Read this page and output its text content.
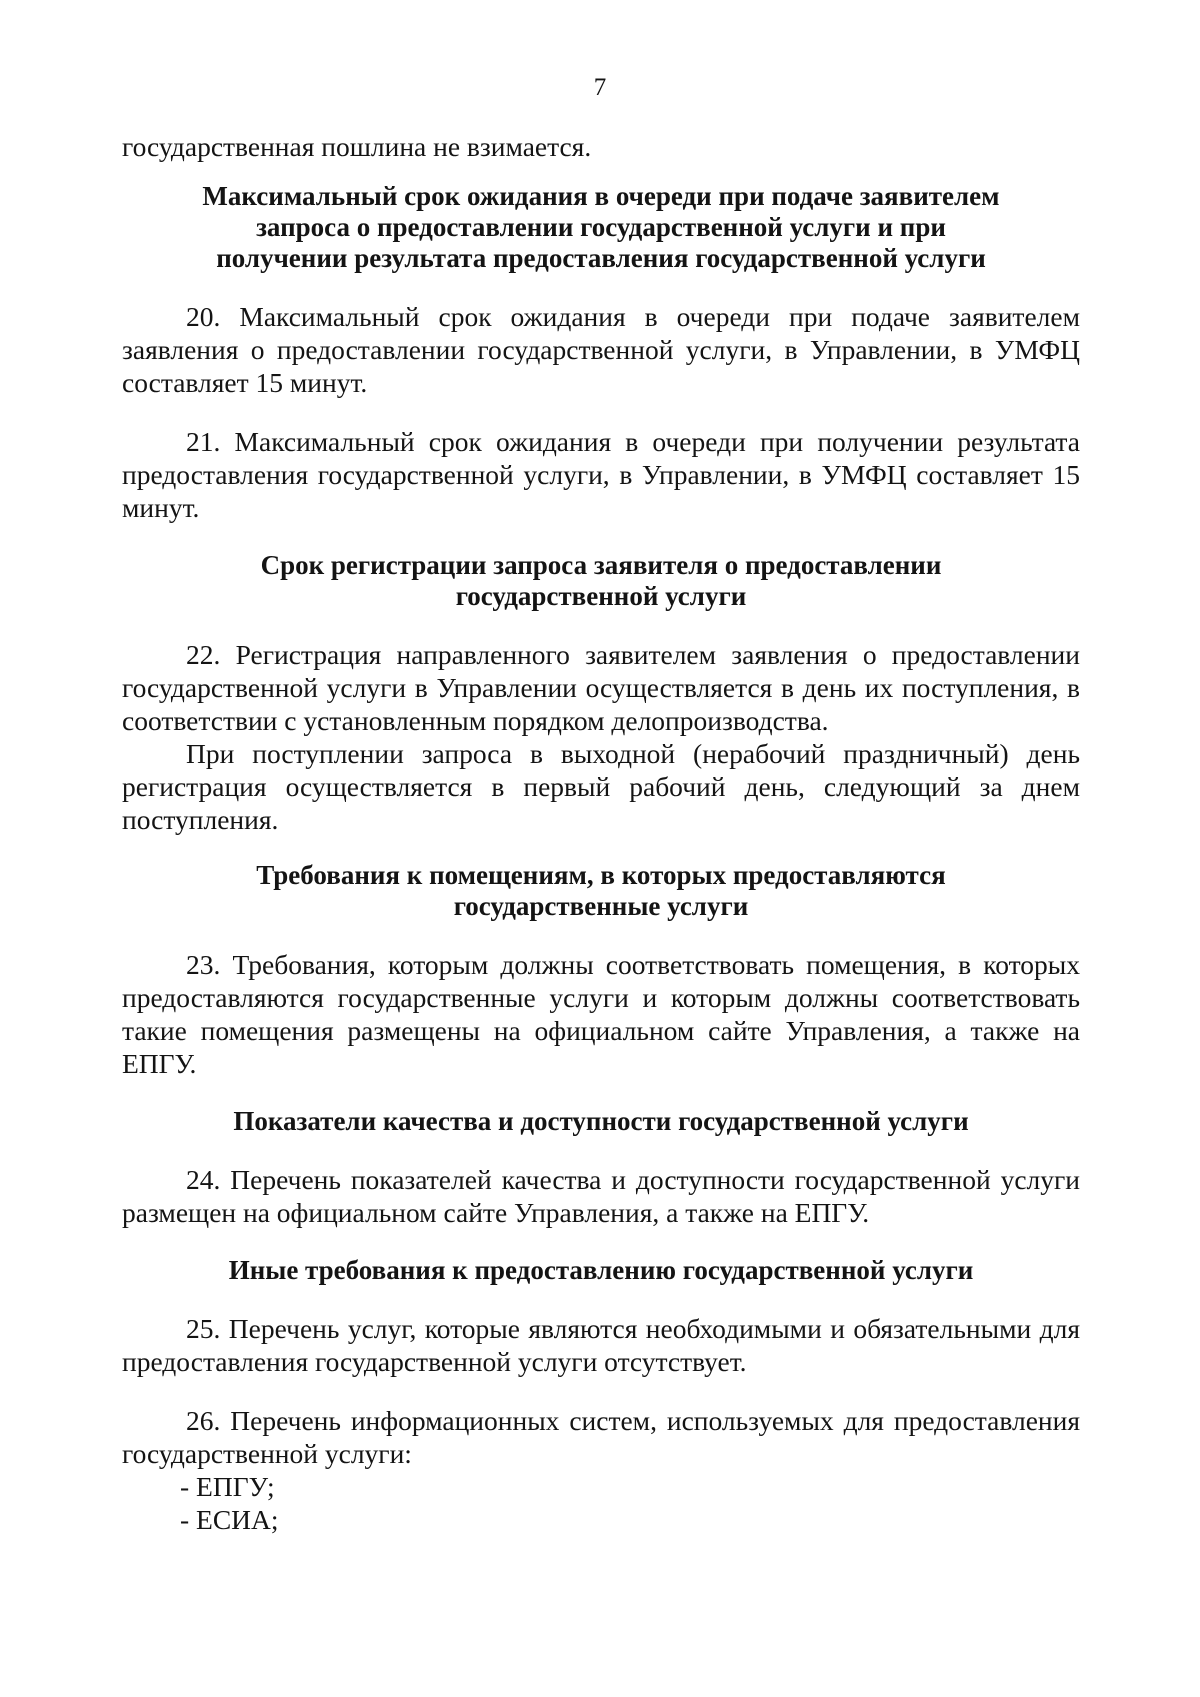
7

государственная пошлина не взимается.

Максимальный срок ожидания в очереди при подаче заявителем

запроса о предоставлении государственной услуги и при

получении результата предоставления государственной услуги

20. Максимальный срок ожидания в очереди при подаче заявителем заявления о предоставлении государственной услуги, в Управлении, в УМФЦ составляет 15 минут.

21. Максимальный срок ожидания в очереди при получении результата предоставления государственной услуги, в Управлении, в УМФЦ составляет 15 минут.

Срок регистрации запроса заявителя о предоставлении

государственной услуги

22. Регистрация направленного заявителем заявления о предоставлении государственной услуги в Управлении осуществляется в день их поступления, в соответствии с установленным порядком делопроизводства.

При поступлении запроса в выходной (нерабочий праздничный) день регистрация осуществляется в первый рабочий день, следующий за днем поступления.

Требования к помещениям, в которых предоставляются

государственные услуги

23. Требования, которым должны соответствовать помещения, в которых предоставляются государственные услуги и которым должны соответствовать такие помещения размещены на официальном сайте Управления, а также на ЕПГУ.

Показатели качества и доступности государственной услуги

24. Перечень показателей качества и доступности государственной услуги размещен на официальном сайте Управления, а также на ЕПГУ.

Иные требования к предоставлению государственной услуги

25. Перечень услуг, которые являются необходимыми и обязательными для предоставления государственной услуги отсутствует.

26. Перечень информационных систем, используемых для предоставления государственной услуги:

- ЕПГУ;

- ЕСИА;
